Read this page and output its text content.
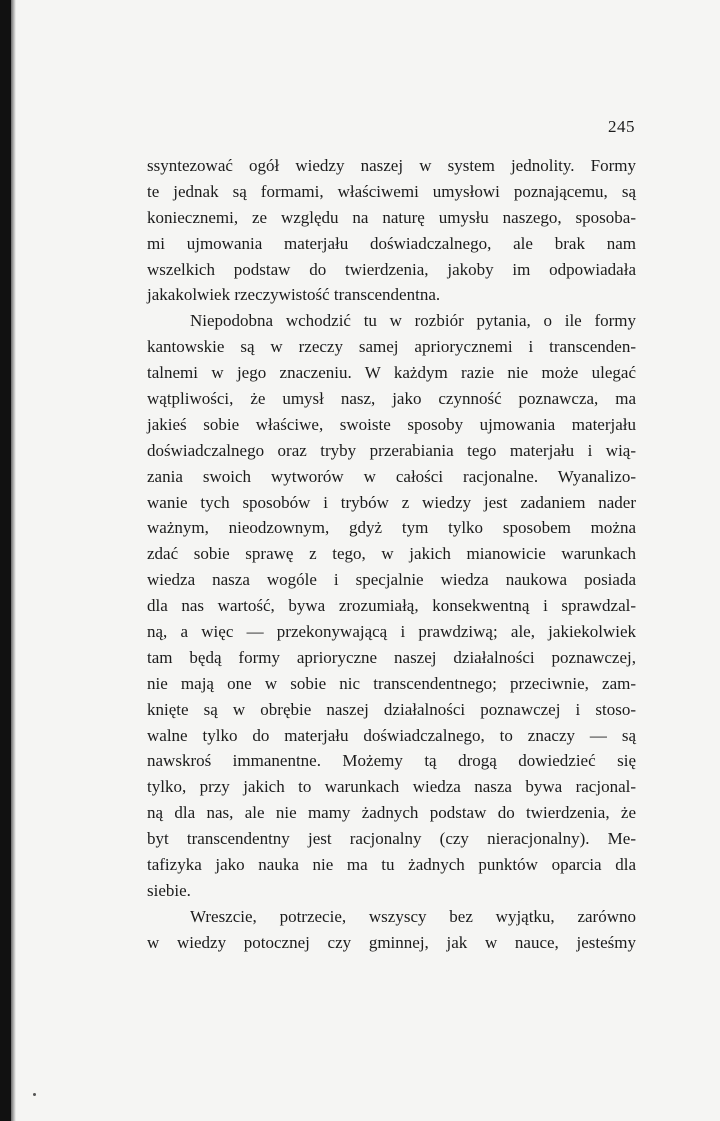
245
ssyntezować ogół wiedzy naszej w system jednolity. Formy
te jednak są formami, właściwemi umysłowi poznającemu, są
koniecznemi, ze względu na naturę umysłu naszego, sposoba-
mi ujmowania materjału doświadczalnego, ale brak nam
wszelkich podstaw do twierdzenia, jakoby im odpowiadała
jakakolwiek rzeczywistość transcendentna.
Niepodobna wchodzić tu w rozbiór pytania, o ile formy
kantowskie są w rzeczy samej apriorycznemi i transcenden-
talnemi w jego znaczeniu. W każdym razie nie może ulegać
wątpliwości, że umysł nasz, jako czynność poznawcza, ma
jakieś sobie właściwe, swoiste sposoby ujmowania materjału
doświadczalnego oraz tryby przerabiania tego materjału i wią-
zania swoich wytworów w całości racjonalne. Wyanalizo-
wanie tych sposobów i trybów z wiedzy jest zadaniem nader
ważnym, nieodzownym, gdyż tym tylko sposobem można
zdać sobie sprawę z tego, w jakich mianowicie warunkach
wiedza nasza wogóle i specjalnie wiedza naukowa posiada
dla nas wartość, bywa zrozumiałą, konsekwentną i sprawdzal-
ną, a więc — przekonywającą i prawdziwą; ale, jakiekolwiek
tam będą formy aprioryczne naszej działalności poznawczej,
nie mają one w sobie nic transcendentnego; przeciwnie, zam-
knięte są w obrębie naszej działalności poznawczej i stoso-
walne tylko do materjału doświadczalnego, to znaczy — są
nawskroś immanentne. Możemy tą drogą dowiedzieć się
tylko, przy jakich to warunkach wiedza nasza bywa racjonal-
ną dla nas, ale nie mamy żadnych podstaw do twierdzenia, że
byt transcendentny jest racjonalny (czy nieracjonalny). Me-
tafizyka jako nauka nie ma tu żadnych punktów oparcia dla
siebie.
Wreszcie, potrzecie, wszyscy bez wyjątku, zarówno
w wiedzy potocznej czy gminnej, jak w nauce, jesteśmy
